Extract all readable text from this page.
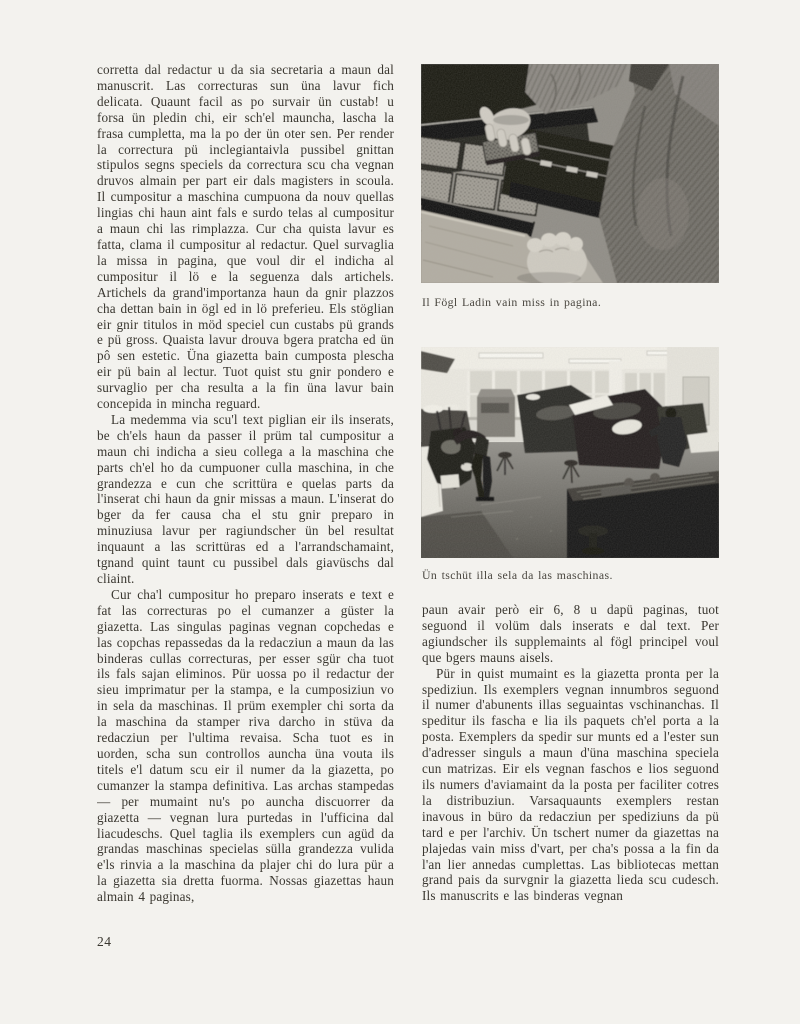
corretta dal redactur u da sia secretaria a maun dal manuscrit. Las correcturas sun üna lavur fich delicata. Quaunt facil as po survair ün custab! u forsa ün pledin chi, eir sch'el mauncha, lascha la frasa cumpletta, ma la po der ün oter sen. Per render la correctura pü inclegiantaivla pussibel gnittan stipulos segns speciels da correctura scu cha vegnan druvos almain per part eir dals magisters in scoula. Il cumpositur a maschina cumpuona da nouv quellas lingias chi haun aint fals e surdo telas al cumpositur a maun chi las rimplazza. Cur cha quista lavur es fatta, clama il cumpositur al redactur. Quel survaglia la missa in pagina, que voul dir el indicha al cumpositur il lö e la seguenza dals artichels. Artichels da grand'importanza haun da gnir plazzos cha dettan bain in ögl ed in lö preferieu. Els stöglian eir gnir titulos in möd speciel cun custabs pü grands e pü gross. Quaista lavur drouva bgera pratcha ed ün pô sen estetic. Üna giazetta bain cumposta plescha eir pü bain al lectur. Tuot quist stu gnir pondero e survaglio per cha resulta a la fin üna lavur bain concepida in mincha reguard.

La medemma via scu'l text piglian eir ils inserats, be ch'els haun da passer il prüm tal cumpositur a maun chi indicha a sieu collega a la maschina che parts ch'el ho da cumpuoner culla maschina, in che grandezza e cun che scrittüra e quelas parts da l'inserat chi haun da gnir missas a maun. L'inserat do bger da fer causa cha el stu gnir preparo in minuziusa lavur per ragiundscher ün bel resultat inquaunt a las scrittüras ed a l'arrandschamaint, tgnand quint taunt cu pussibel dals giavüschs dal cliaint.

Cur cha'l cumpositur ho preparo inserats e text e fat las correcturas po el cumanzer a güster la giazetta. Las singulas paginas vegnan copchedas e las copchas repassedas da la redacziun a maun da las binderas cullas correcturas, per esser sgür cha tuot ils fals sajan eliminos. Pür uossa po il redactur der sieu imprimatur per la stampa, e la cumposiziun vo in sela da maschinas. Il prüm exempler chi sorta da la maschina da stamper riva darcho in stüva da redacziun per l'ultima revaisa. Scha tuot es in uorden, scha sun controllos auncha üna vouta ils titels e'l datum scu eir il numer da la giazetta, po cumanzer la stampa definitiva. Las archas stampedas — per mumaint nu's po auncha discuorrer da giazetta — vegnan lura purtedas in l'ufficina dal liacudeschs. Quel taglia ils exemplers cun agüd da grandas maschinas specielas sülla grandezza vulida e'ls rinvia a la maschina da plajer chi do lura pür a la giazetta sia dretta fuorma. Nossas giazettas haun almain 4 paginas,

Il Fögl Ladin vain miss in pagina.
Ün tschüt illa sela da las maschinas.

paun avair però eir 6, 8 u dapü paginas, tuot seguond il volüm dals inserats e dal text. Per agiundscher ils supplemaints al fögl principel voul que bgers mauns aisels.

Pür in quist mumaint es la giazetta pronta per la spediziun. Ils exemplers vegnan innumbros seguond il numer d'abunents illas seguaintas vschinanchas. Il speditur ils fascha e lia ils paquets ch'el porta a la posta. Exemplers da spedir sur munts ed a l'ester sun d'adresser singuls a maun d'üna maschina speciela cun matrizas. Eir els vegnan faschos e lios seguond ils numers d'aviamaint da la posta per faciliter cotres la distribuziun. Varsaquaunts exemplers restan inavous in büro da redacziun per spediziuns da pü tard e per l'archiv. Ün tschert numer da giazettas na plajedas vain miss d'vart, per cha's possa a la fin da l'an lier annedas cumplettas. Las bibliotecas mettan grand pais da survgnir la giazetta lieda scu cudesch. Ils manuscrits e las binderas vegnan

24
